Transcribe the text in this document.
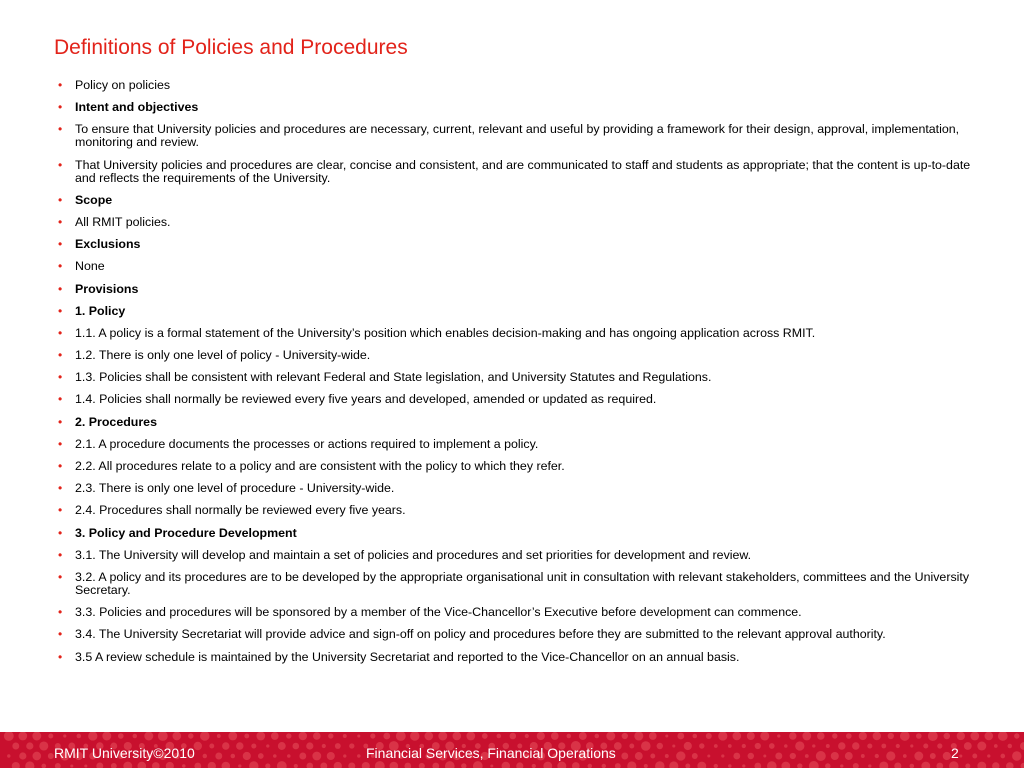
Definitions of Policies and Procedures
• Policy on policies
• Intent and objectives
• To ensure that University policies and procedures are necessary, current, relevant and useful by providing a framework for their design, approval, implementation, monitoring and review.
• That University policies and procedures are clear, concise and consistent, and are communicated to staff and students as appropriate; that the content is up-to-date and reflects the requirements of the University.
• Scope
• All RMIT policies.
• Exclusions
• None
• Provisions
• 1. Policy
• 1.1. A policy is a formal statement of the University’s position which enables decision-making and has ongoing application across RMIT.
• 1.2. There is only one level of policy - University-wide.
• 1.3. Policies shall be consistent with relevant Federal and State legislation, and University Statutes and Regulations.
• 1.4. Policies shall normally be reviewed every five years and developed, amended or updated as required.
• 2. Procedures
• 2.1. A procedure documents the processes or actions required to implement a policy.
• 2.2. All procedures relate to a policy and are consistent with the policy to which they refer.
• 2.3. There is only one level of procedure - University-wide.
• 2.4. Procedures shall normally be reviewed every five years.
• 3. Policy and Procedure Development
• 3.1. The University will develop and maintain a set of policies and procedures and set priorities for development and review.
• 3.2. A policy and its procedures are to be developed by the appropriate organisational unit in consultation with relevant stakeholders, committees and the University Secretary.
• 3.3. Policies and procedures will be sponsored by a member of the Vice-Chancellor’s Executive before development can commence.
• 3.4. The University Secretariat will provide advice and sign-off on policy and procedures before they are submitted to the relevant approval authority.
• 3.5 A review schedule is maintained by the University Secretariat and reported to the Vice-Chancellor on an annual basis.
RMIT University©2010	Financial Services, Financial Operations	2
